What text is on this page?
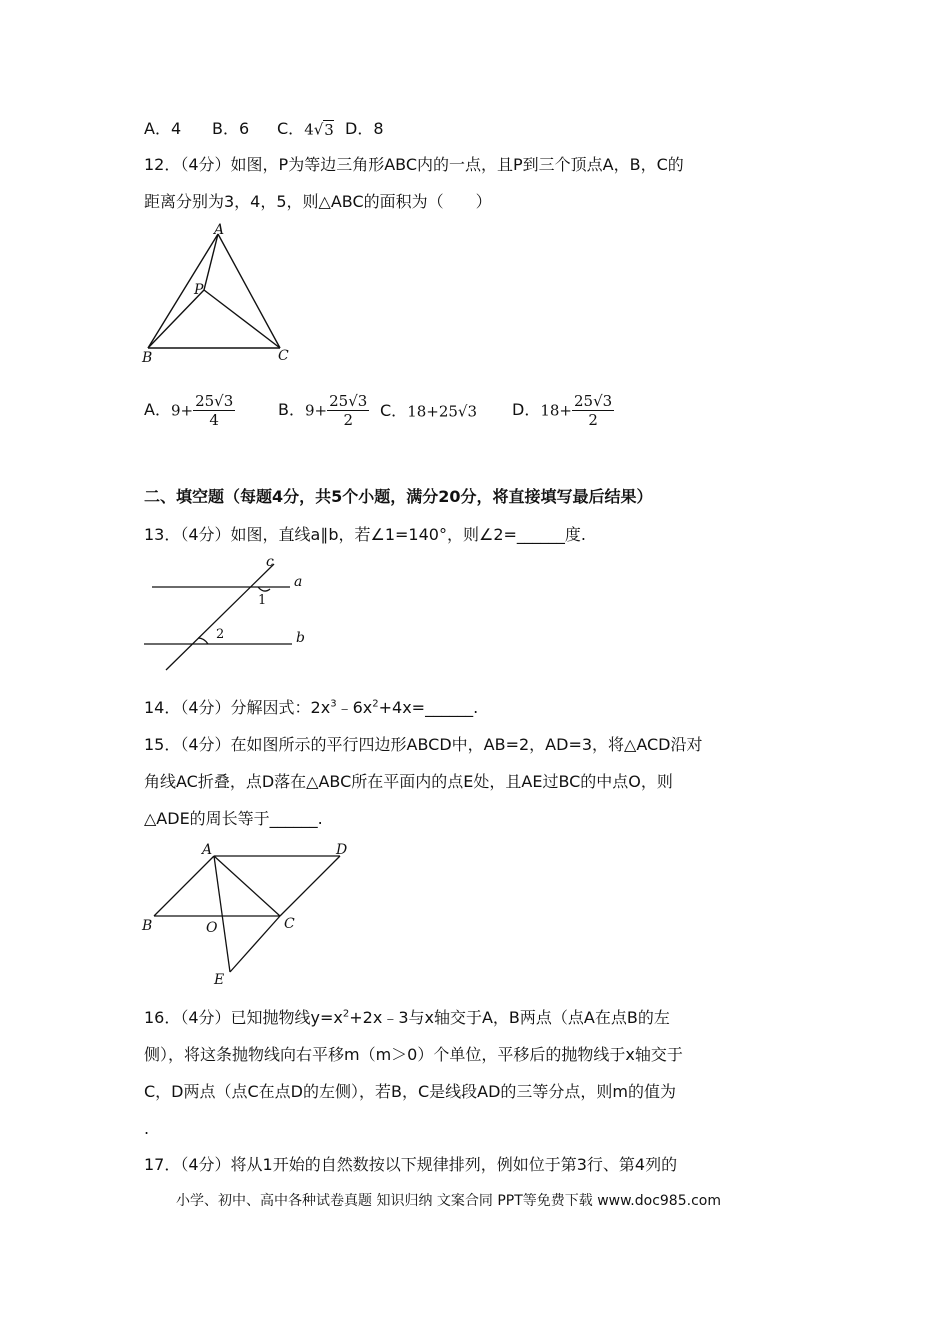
A．4 B．6 C．4√3 D．8
12．（4分）如图，P为等边三角形ABC内的一点，且P到三个顶点A，B，C的
距离分别为3，4，5，则△ABC的面积为（　　）
A
B	C
P
A．$9+ \frac{25√3}{4}$	B．$9+ \frac{25√3}{2}$ C．18+25√3 D．$18+ \frac{25√3}{2}$
二、填空题（每题4分，共5个小题，满分20分，将直接填写最后结果）
13．（4分）如图，直线a∥b，若∠1=140°，则∠2=______度.
c
a
b
1
2
14．（4分）分解因式：$2x^3﹣6x^2+4x=\_\_\_\_\_\_$.
15．（4分）在如图所示的平行四边形ABCD中，AB=2，AD=3，将△ACD沿对
角线AC折叠，点D落在△ABC所在平面内的点E处，且AE过BC的中点O，则
△ADE的周长等于______.
A	D
B	O	C
E
16．（4分）已知抛物线$y=x^2+2x﹣3$与x轴交于A，B两点（点A在点B的左
侧），将这条抛物线向右平移m（m＞0）个单位，平移后的抛物线于x轴交于
C，D两点（点C在点D的左侧），若B，C是线段AD的三等分点，则m的值为
.
17．（4分）将从1开始的自然数按以下规律排列，例如位于第3行、第4列的
小学、初中、高中各种试卷真题 知识归纳 文案合同 PPT等免费下载 www.doc985.com
